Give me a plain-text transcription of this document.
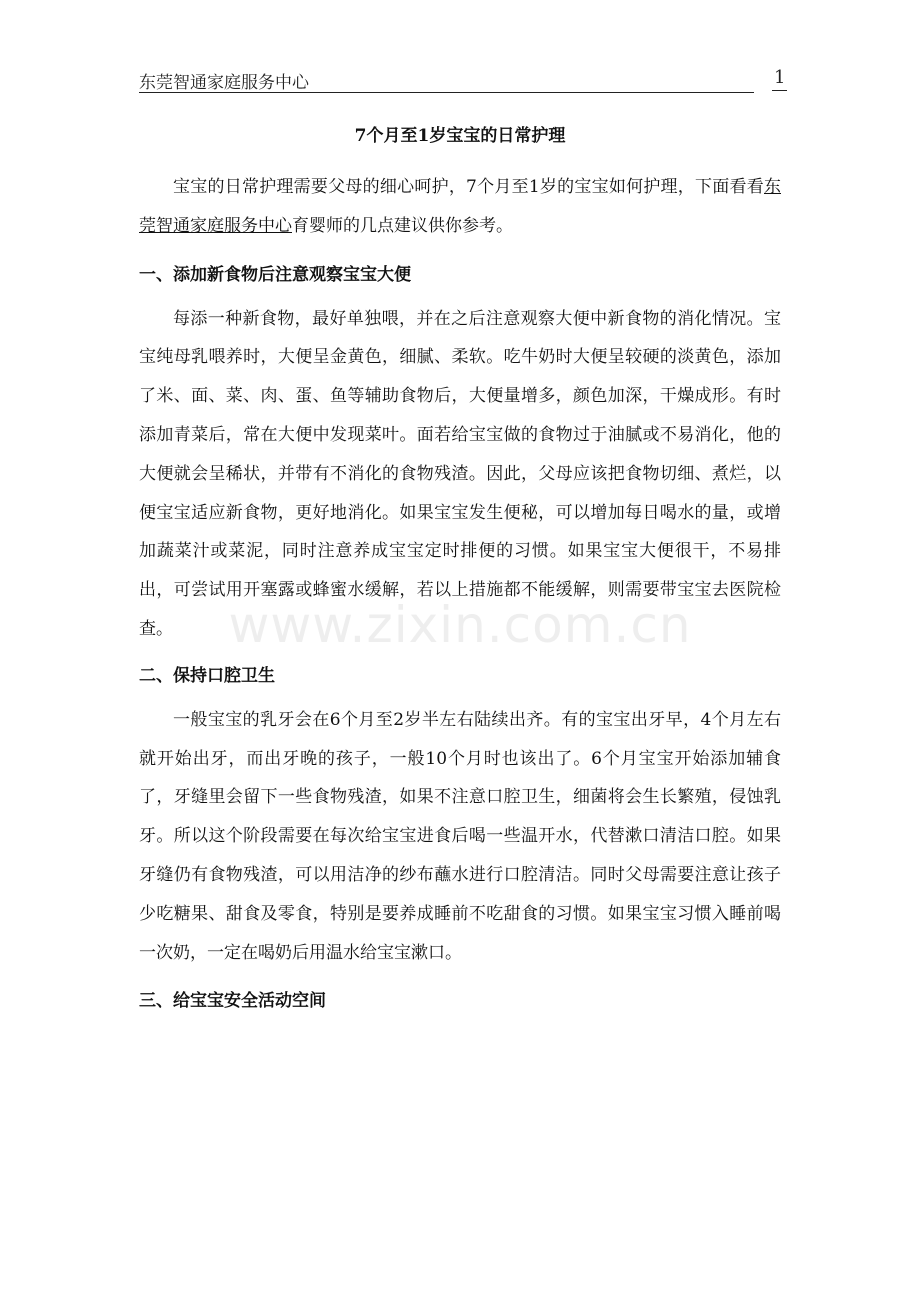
东莞智通家庭服务中心	1
www.zixin.com.cn
7个月至1岁宝宝的日常护理

宝宝的日常护理需要父母的细心呵护，7个月至1岁的宝宝如何护理，下面看看东莞智通家庭服务中心育婴师的几点建议供你参考。

一、添加新食物后注意观察宝宝大便

每添一种新食物，最好单独喂，并在之后注意观察大便中新食物的消化情况。宝宝纯母乳喂养时，大便呈金黄色，细腻、柔软。吃牛奶时大便呈较硬的淡黄色，添加了米、面、菜、肉、蛋、鱼等辅助食物后，大便量增多，颜色加深，干燥成形。有时添加青菜后，常在大便中发现菜叶。面若给宝宝做的食物过于油腻或不易消化，他的大便就会呈稀状，并带有不消化的食物残渣。因此，父母应该把食物切细、煮烂，以便宝宝适应新食物，更好地消化。如果宝宝发生便秘，可以增加每日喝水的量，或增加蔬菜汁或菜泥，同时注意养成宝宝定时排便的习惯。如果宝宝大便很干，不易排出，可尝试用开塞露或蜂蜜水缓解，若以上措施都不能缓解，则需要带宝宝去医院检查。

二、保持口腔卫生

一般宝宝的乳牙会在6个月至2岁半左右陆续出齐。有的宝宝出牙早，4个月左右就开始出牙，而出牙晚的孩子，一般10个月时也该出了。6个月宝宝开始添加辅食了，牙缝里会留下一些食物残渣，如果不注意口腔卫生，细菌将会生长繁殖，侵蚀乳牙。所以这个阶段需要在每次给宝宝进食后喝一些温开水，代替漱口清洁口腔。如果牙缝仍有食物残渣，可以用洁净的纱布蘸水进行口腔清洁。同时父母需要注意让孩子少吃糖果、甜食及零食，特别是要养成睡前不吃甜食的习惯。如果宝宝习惯入睡前喝一次奶，一定在喝奶后用温水给宝宝漱口。

三、给宝宝安全活动空间
